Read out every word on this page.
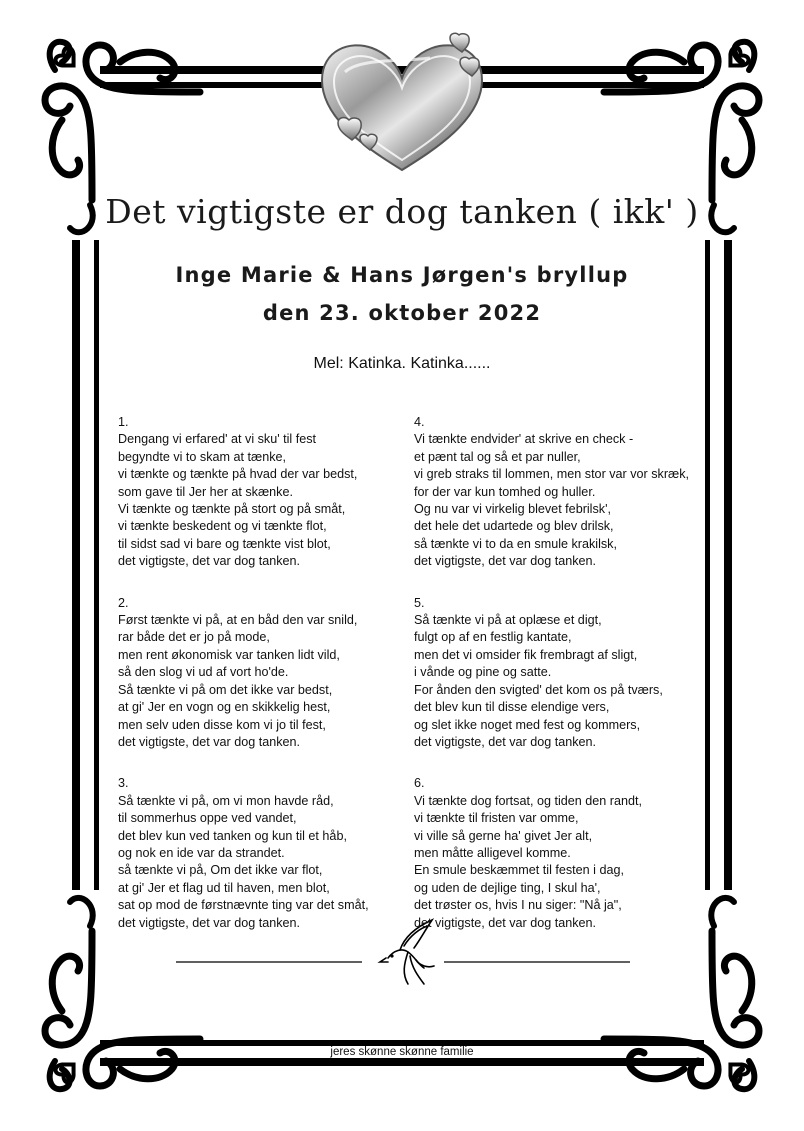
Det vigtigste er dog tanken ( ikk' )
Inge Marie & Hans Jørgen's bryllup
den 23. oktober 2022
Mel: Katinka. Katinka......
1.
Dengang vi erfared' at vi sku' til fest
begyndte vi to skam at tænke,
vi tænkte og tænkte på hvad der var bedst,
som gave til Jer her at skænke.
Vi tænkte og tænkte på stort og på småt,
vi tænkte beskedent og vi tænkte flot,
til sidst sad vi bare og tænkte vist blot,
det vigtigste, det var dog tanken.
2.
Først tænkte vi på, at en båd den var snild,
rar både det er jo på mode,
men rent økonomisk var tanken lidt vild,
så den slog vi ud af vort ho'de.
Så tænkte vi på om det ikke var bedst,
at gi' Jer en vogn og en skikkelig hest,
men selv uden disse kom vi jo til fest,
det vigtigste, det var dog tanken.
3.
Så tænkte vi på, om vi mon havde råd,
til sommerhus oppe ved vandet,
det blev kun ved tanken og kun til et håb,
og nok en ide var da strandet.
så tænkte vi på, Om det ikke var flot,
at gi' Jer et flag ud til haven, men blot,
sat op mod de førstnævnte ting var det småt,
det vigtigste, det var dog tanken.
4.
Vi tænkte endvider' at skrive en check -
et pænt tal og så et par nuller,
vi greb straks til lommen, men stor var vor skræk,
for der var kun tomhed og huller.
Og nu var vi virkelig blevet febrilsk',
det hele det udartede og blev drilsk,
så tænkte vi to da en smule krakilsk,
det vigtigste, det var dog tanken.
5.
Så tænkte vi på at oplæse et digt,
fulgt op af en festlig kantate,
men det vi omsider fik frembragt af sligt,
i vånde og pine og satte.
For ånden den svigted' det kom os på tværs,
det blev kun til disse elendige vers,
og slet ikke noget med fest og kommers,
det vigtigste, det var dog tanken.
6.
Vi tænkte dog fortsat, og tiden den randt,
vi tænkte til fristen var omme,
vi ville så gerne ha' givet Jer alt,
men måtte alligevel komme.
En smule beskæmmet til festen i dag,
og uden de dejlige ting, I skul ha',
det trøster os, hvis I nu siger: "Nå ja",
det vigtigste, det var dog tanken.
jeres skønne skønne familie
